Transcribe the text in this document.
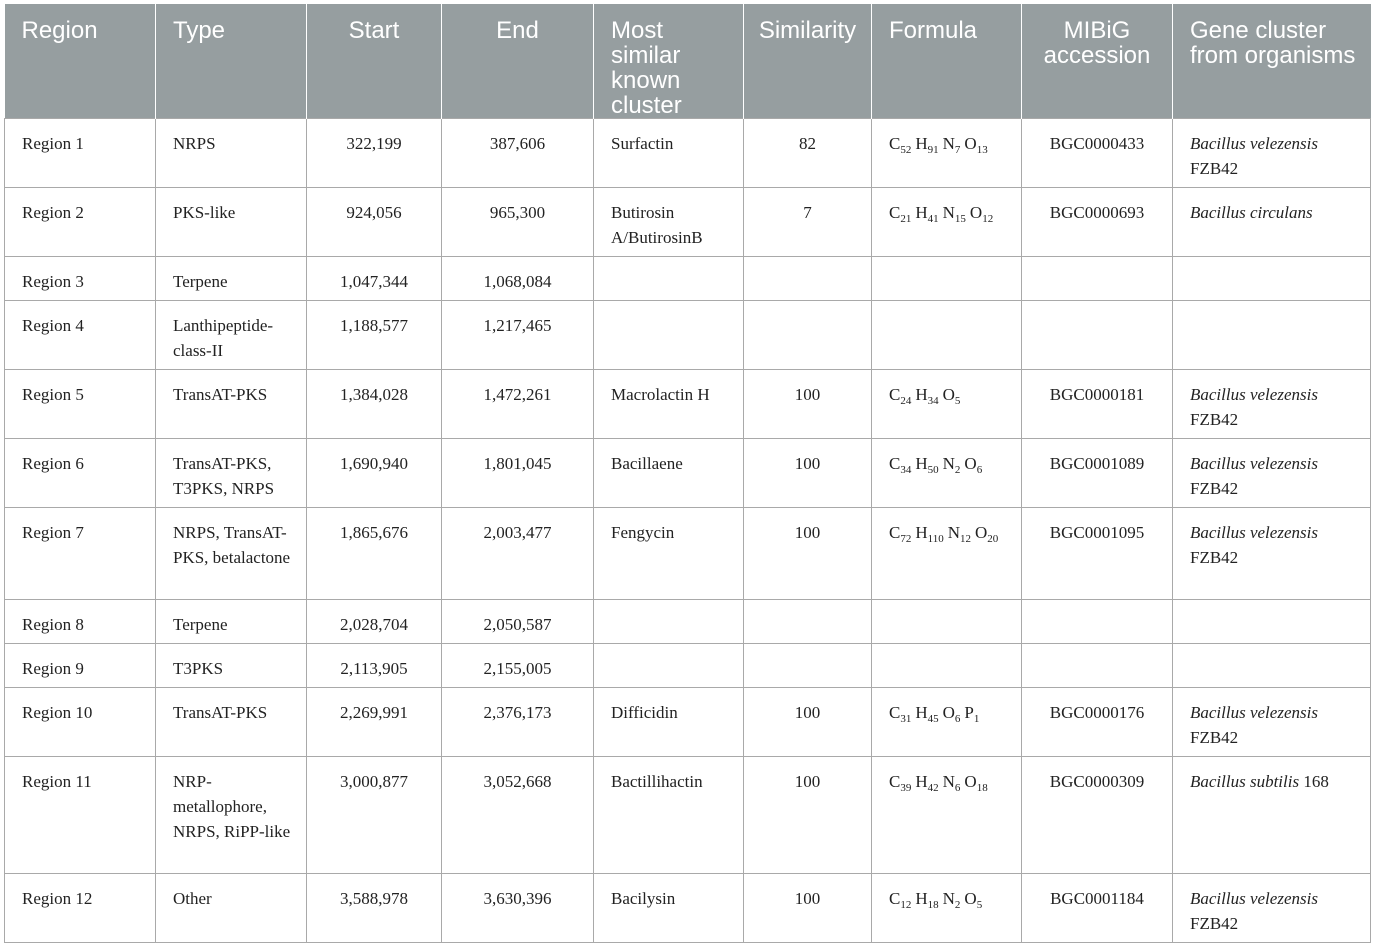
Region	Type	Start	End	Most similar known cluster	Similarity	Formula	MIBiG accession	Gene cluster from organisms
Region 1	NRPS	322,199	387,606	Surfactin	82	$C_{52}$ $H_{91}$ $N_7$ $O_{13}$	BGC0000433	Bacillus velezensis
FZB42
Region 2	PKS-like	924,056	965,300	Butirosin A/ButirosinB	7	$C_{21}$ $H_{41}$ $N_{15}$ $O_{12}$	BGC0000693	Bacillus circulans
Region 3	Terpene	1,047,344	1,068,084					
Region 4	Lanthipeptide-class-II	1,188,577	1,217,465					
Region 5	TransAT-PKS	1,384,028	1,472,261	Macrolactin H	100	$C_{24}$ $H_{34}$ $O_5$	BGC0000181	Bacillus velezensis
FZB42
Region 6	TransAT-PKS, T3PKS, NRPS	1,690,940	1,801,045	Bacillaene	100	$C_{34}$ $H_{50}$ $N_2$ $O_6$	BGC0001089	Bacillus velezensis
FZB42
Region 7	NRPS, TransAT-PKS, betalactone	1,865,676	2,003,477	Fengycin	100	$C_{72}$ $H_{110}$ $N_{12}$ $O_{20}$	BGC0001095	Bacillus velezensis
FZB42
Region 8	Terpene	2,028,704	2,050,587					
Region 9	T3PKS	2,113,905	2,155,005					
Region 10	TransAT-PKS	2,269,991	2,376,173	Difficidin	100	$C_{31}$ $H_{45}$ $O_6$ $P_1$	BGC0000176	Bacillus velezensis
FZB42
Region 11	NRP-metallophore, NRPS, RiPP-like	3,000,877	3,052,668	Bactillihactin	100	$C_{39}$ $H_{42}$ $N_6$ $O_{18}$	BGC0000309	Bacillus subtilis 168
Region 12	Other	3,588,978	3,630,396	Bacilysin	100	$C_{12}$ $H_{18}$ $N_2$ $O_5$	BGC0001184	Bacillus velezensis
FZB42
